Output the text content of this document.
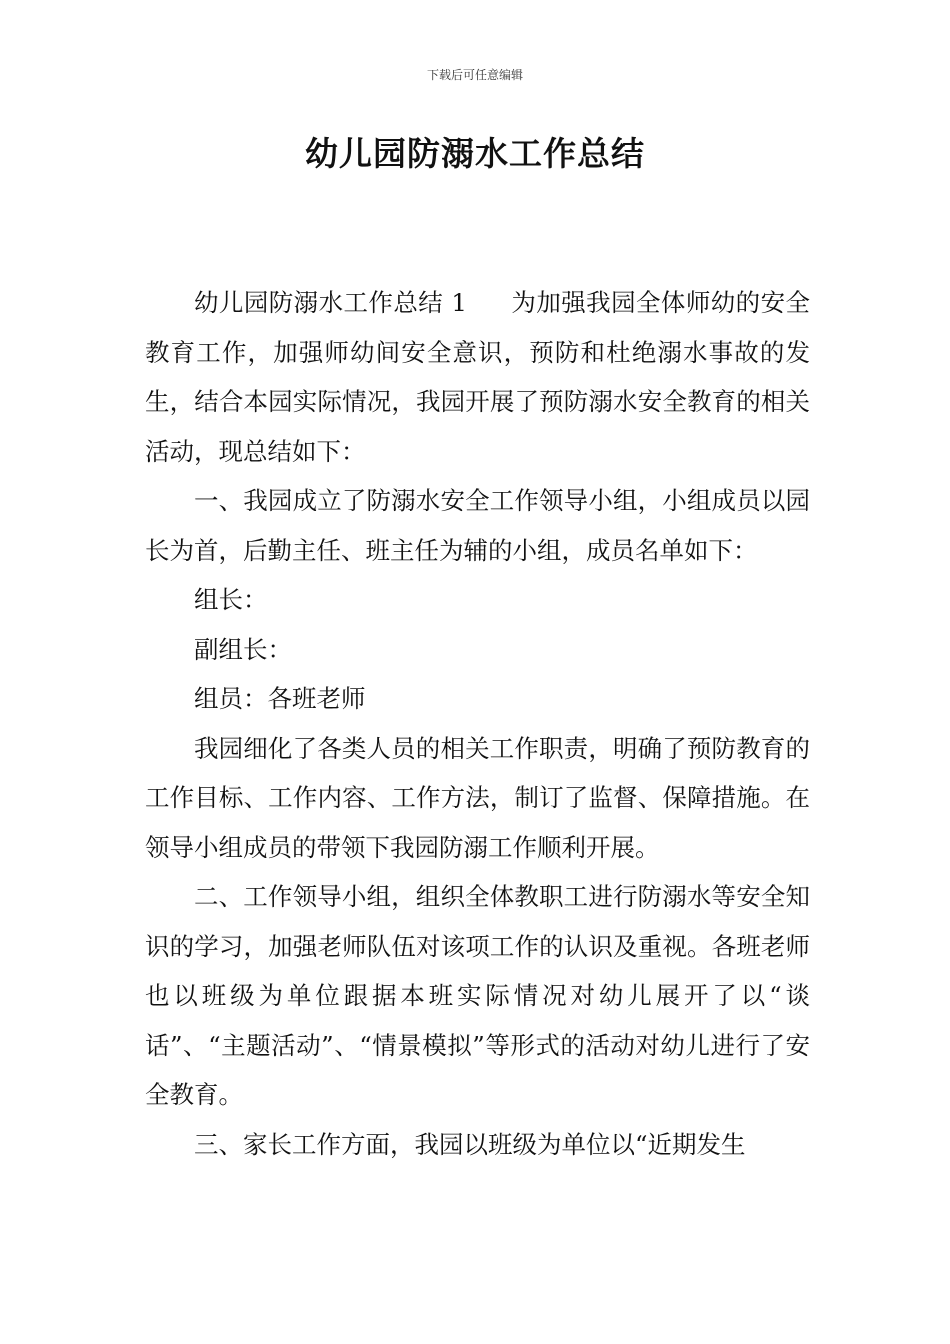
下载后可任意编辑
幼儿园防溺水工作总结

幼儿园防溺水工作总结 1 为加强我园全体师幼的安全教育工作，加强师幼间安全意识，预防和杜绝溺水事故的发生，结合本园实际情况，我园开展了预防溺水安全教育的相关活动，现总结如下：

一、我园成立了防溺水安全工作领导小组，小组成员以园长为首，后勤主任、班主任为辅的小组，成员名单如下：

组长：

副组长：

组员：各班老师

我园细化了各类人员的相关工作职责，明确了预防教育的工作目标、工作内容、工作方法，制订了监督、保障措施。在领导小组成员的带领下我园防溺工作顺利开展。

二、工作领导小组，组织全体教职工进行防溺水等安全知识的学习，加强老师队伍对该项工作的认识及重视。各班老师也以班级为单位跟据本班实际情况对幼儿展开了以“谈话”、“主题活动”、“情景模拟”等形式的活动对幼儿进行了安全教育。

三、家长工作方面，我园以班级为单位以“近期发生
